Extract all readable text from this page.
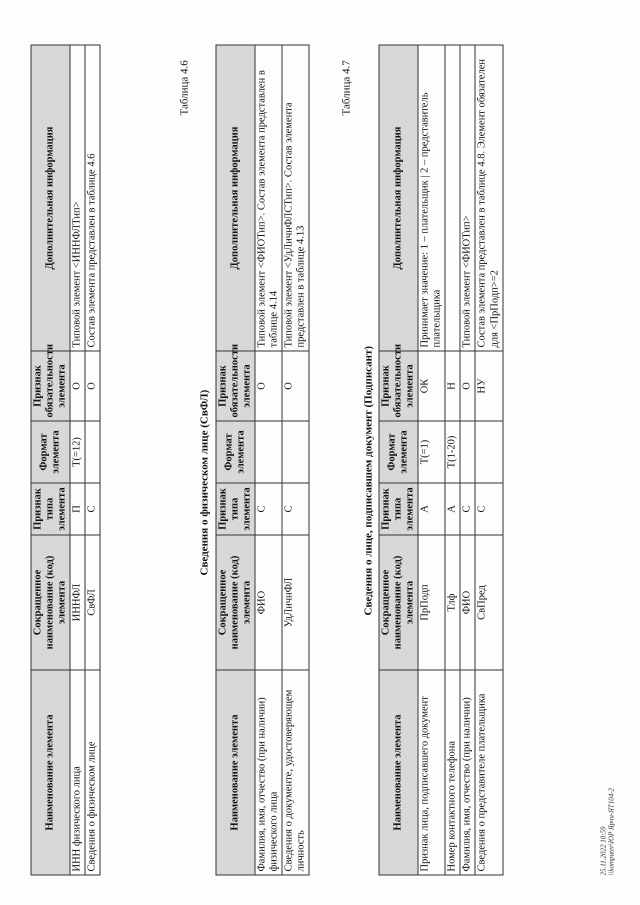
Наименование элемента	Сокращенное наименование (код) элемента	Признак типа элемента	Формат элемента	Признак обязательности элемента	Дополнительная информация
ИНН физического лица	ИННФЛ	П	Т(=12)	О	Типовой элемент <ИННФЛТип>
Сведения о физическом лице	СвФЛ	С		О	Состав элемента представлен в таблице 4.6
Таблица 4.6
Сведения о физическом лице (СвФЛ)
Наименование элемента	Сокращенное наименование (код) элемента	Признак типа элемента	Формат элемента	Признак обязательности элемента	Дополнительная информация
Фамилия, имя, отчество (при наличии) физического лица	ФИО	С		О	Типовой элемент <ФИОТип>. Состав элемента представлен в таблице 4.14
Сведения о документе, удостоверяющем личность	УдЛичнФЛ	С		О	Типовой элемент <УдЛичнФЛСТип>. Состав элемента представлен в таблице 4.13
Таблица 4.7
Сведения о лице, подписавшем документ (Подписант)
Наименование элемента	Сокращенное наименование (код) элемента	Признак типа элемента	Формат элемента	Признак обязательности элемента	Дополнительная информация
Признак лица, подписавшего документ	ПрПодп	А	Т(=1)	ОК	Принимает значение: 1 – плательщик | 2 – представитель плательщика
Номер контактного телефона	Тлф	А	Т(1-20)	Н	
Фамилия, имя, отчество (при наличии)	ФИО	С		О	Типовой элемент <ФИОТип>
Сведения о представителе плательщика	СвПред	С		НУ	Состав элемента представлен в таблице 4.8. Элемент обязателен для <ПрПодп>=2
25.11.2022 10:59 \\komputer\ЮР Ярчи-ЯТ104-2
